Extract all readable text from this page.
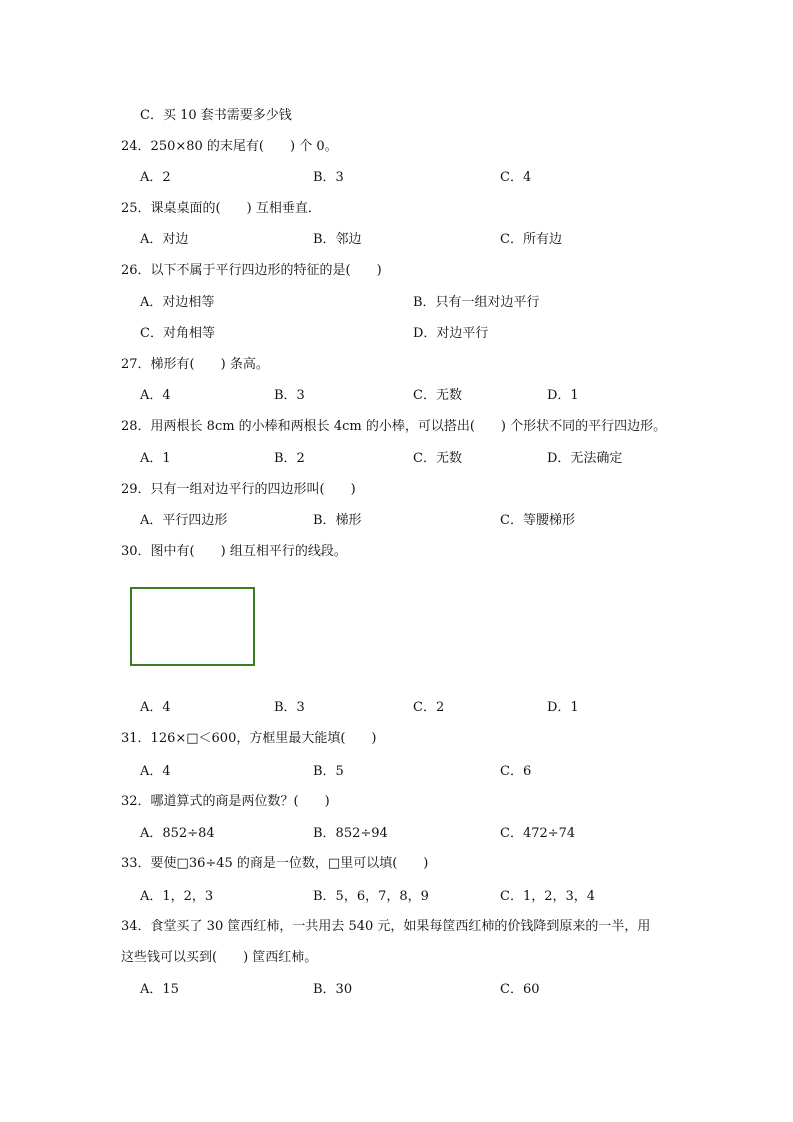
C．买 10 套书需要多少钱
24．250×80 的末尾有(　　) 个 0。
A．2	B．3	C．4
25．课桌桌面的(　　) 互相垂直．
A．对边	B．邻边	C．所有边
26．以下不属于平行四边形的特征的是(　　)
A．对边相等	B．只有一组对边平行
C．对角相等	D．对边平行
27．梯形有(　　) 条高。
A．4	B．3	C．无数	D．1
28．用两根长 8cm 的小棒和两根长 4cm 的小棒，可以搭出(　　) 个形状不同的平行四边形。
A．1	B．2	C．无数	D．无法确定
29．只有一组对边平行的四边形叫(　　)
A．平行四边形	B．梯形	C．等腰梯形
30．图中有(　　) 组互相平行的线段。
A．4	B．3	C．2	D．1
31．126×□＜600，方框里最大能填(　　)
A．4	B．5	C．6
32．哪道算式的商是两位数？(　　)
A．852÷84	B．852÷94	C．472÷74
33．要使□36÷45 的商是一位数，□里可以填(　　)
A．1，2，3	B．5，6，7，8，9	C．1，2，3，4
34．食堂买了 30 筐西红柿，一共用去 540 元，如果每筐西红柿的价钱降到原来的一半，用
这些钱可以买到(　　) 筐西红柿。
A．15	B．30	C．60
